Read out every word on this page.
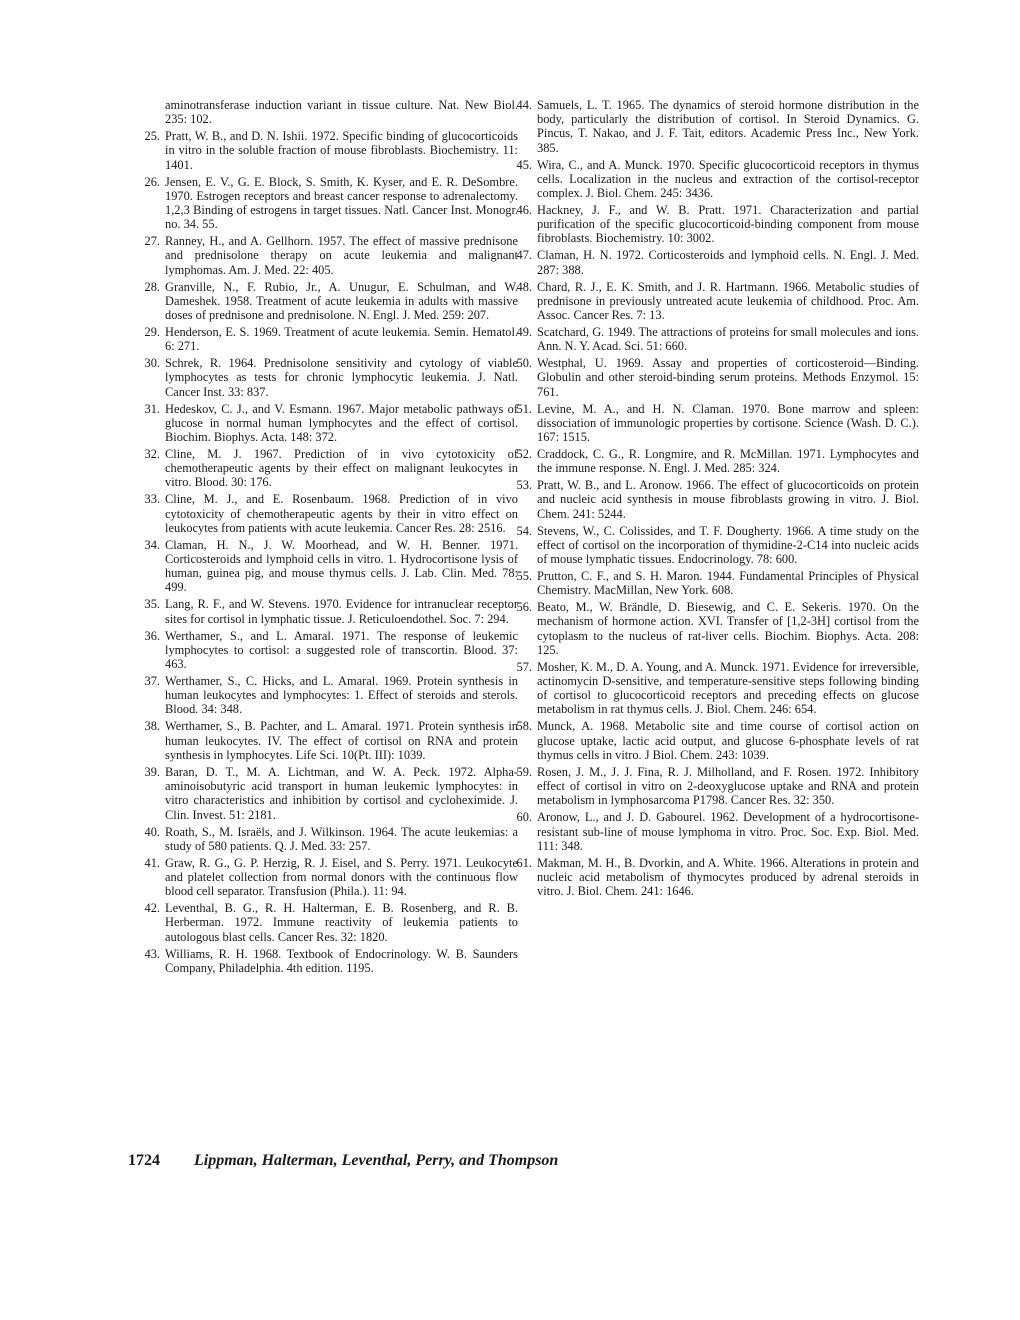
aminotransferase induction variant in tissue culture. Nat. New Biol. 235: 102.
25. Pratt, W. B., and D. N. Ishii. 1972. Specific binding of glucocorticoids in vitro in the soluble fraction of mouse fibroblasts. Biochemistry. 11: 1401.
26. Jensen, E. V., G. E. Block, S. Smith, K. Kyser, and E. R. DeSombre. 1970. Estrogen receptors and breast cancer response to adrenalectomy. 1,2,3 Binding of estrogens in target tissues. Natl. Cancer Inst. Monogr. no. 34. 55.
27. Ranney, H., and A. Gellhorn. 1957. The effect of massive prednisone and prednisolone therapy on acute leukemia and malignant lymphomas. Am. J. Med. 22: 405.
28. Granville, N., F. Rubio, Jr., A. Unugur, E. Schulman, and W. Dameshek. 1958. Treatment of acute leukemia in adults with massive doses of prednisone and prednisolone. N. Engl. J. Med. 259: 207.
29. Henderson, E. S. 1969. Treatment of acute leukemia. Semin. Hematol. 6: 271.
30. Schrek, R. 1964. Prednisolone sensitivity and cytology of viable lymphocytes as tests for chronic lymphocytic leukemia. J. Natl. Cancer Inst. 33: 837.
31. Hedeskov, C. J., and V. Esmann. 1967. Major metabolic pathways of glucose in normal human lymphocytes and the effect of cortisol. Biochim. Biophys. Acta. 148: 372.
32. Cline, M. J. 1967. Prediction of in vivo cytotoxicity of chemotherapeutic agents by their effect on malignant leukocytes in vitro. Blood. 30: 176.
33. Cline, M. J., and E. Rosenbaum. 1968. Prediction of in vivo cytotoxicity of chemotherapeutic agents by their in vitro effect on leukocytes from patients with acute leukemia. Cancer Res. 28: 2516.
34. Claman, H. N., J. W. Moorhead, and W. H. Benner. 1971. Corticosteroids and lymphoid cells in vitro. 1. Hydrocortisone lysis of human, guinea pig, and mouse thymus cells. J. Lab. Clin. Med. 78: 499.
35. Lang, R. F., and W. Stevens. 1970. Evidence for intranuclear receptor sites for cortisol in lymphatic tissue. J. Reticuloendothel. Soc. 7: 294.
36. Werthamer, S., and L. Amaral. 1971. The response of leukemic lymphocytes to cortisol: a suggested role of transcortin. Blood. 37: 463.
37. Werthamer, S., C. Hicks, and L. Amaral. 1969. Protein synthesis in human leukocytes and lymphocytes: 1. Effect of steroids and sterols. Blood. 34: 348.
38. Werthamer, S., B. Pachter, and L. Amaral. 1971. Protein synthesis in human leukocytes. IV. The effect of cortisol on RNA and protein synthesis in lymphocytes. Life Sci. 10(Pt. III): 1039.
39. Baran, D. T., M. A. Lichtman, and W. A. Peck. 1972. Alpha-aminoisobutyric acid transport in human leukemic lymphocytes: in vitro characteristics and inhibition by cortisol and cycloheximide. J. Clin. Invest. 51: 2181.
40. Roath, S., M. Israëls, and J. Wilkinson. 1964. The acute leukemias: a study of 580 patients. Q. J. Med. 33: 257.
41. Graw, R. G., G. P. Herzig, R. J. Eisel, and S. Perry. 1971. Leukocyte and platelet collection from normal donors with the continuous flow blood cell separator. Transfusion (Phila.). 11: 94.
42. Leventhal, B. G., R. H. Halterman, E. B. Rosenberg, and R. B. Herberman. 1972. Immune reactivity of leukemia patients to autologous blast cells. Cancer Res. 32: 1820.
43. Williams, R. H. 1968. Textbook of Endocrinology. W. B. Saunders Company, Philadelphia. 4th edition. 1195.
44. Samuels, L. T. 1965. The dynamics of steroid hormone distribution in the body, particularly the distribution of cortisol. In Steroid Dynamics. G. Pincus, T. Nakao, and J. F. Tait, editors. Academic Press Inc., New York. 385.
45. Wira, C., and A. Munck. 1970. Specific glucocorticoid receptors in thymus cells. Localization in the nucleus and extraction of the cortisol-receptor complex. J. Biol. Chem. 245: 3436.
46. Hackney, J. F., and W. B. Pratt. 1971. Characterization and partial purification of the specific glucocorticoid-binding component from mouse fibroblasts. Biochemistry. 10: 3002.
47. Claman, H. N. 1972. Corticosteroids and lymphoid cells. N. Engl. J. Med. 287: 388.
48. Chard, R. J., E. K. Smith, and J. R. Hartmann. 1966. Metabolic studies of prednisone in previously untreated acute leukemia of childhood. Proc. Am. Assoc. Cancer Res. 7: 13.
49. Scatchard, G. 1949. The attractions of proteins for small molecules and ions. Ann. N. Y. Acad. Sci. 51: 660.
50. Westphal, U. 1969. Assay and properties of corticosteroid—Binding. Globulin and other steroid-binding serum proteins. Methods Enzymol. 15: 761.
51. Levine, M. A., and H. N. Claman. 1970. Bone marrow and spleen: dissociation of immunologic properties by cortisone. Science (Wash. D. C.). 167: 1515.
52. Craddock, C. G., R. Longmire, and R. McMillan. 1971. Lymphocytes and the immune response. N. Engl. J. Med. 285: 324.
53. Pratt, W. B., and L. Aronow. 1966. The effect of glucocorticoids on protein and nucleic acid synthesis in mouse fibroblasts growing in vitro. J. Biol. Chem. 241: 5244.
54. Stevens, W., C. Colissides, and T. F. Dougherty. 1966. A time study on the effect of cortisol on the incorporation of thymidine-2-C14 into nucleic acids of mouse lymphatic tissues. Endocrinology. 78: 600.
55. Prutton, C. F., and S. H. Maron. 1944. Fundamental Principles of Physical Chemistry. MacMillan, New York. 608.
56. Beato, M., W. Brändle, D. Biesewig, and C. E. Sekeris. 1970. On the mechanism of hormone action. XVI. Transfer of [1,2-3H] cortisol from the cytoplasm to the nucleus of rat-liver cells. Biochim. Biophys. Acta. 208: 125.
57. Mosher, K. M., D. A. Young, and A. Munck. 1971. Evidence for irreversible, actinomycin D-sensitive, and temperature-sensitive steps following binding of cortisol to glucocorticoid receptors and preceding effects on glucose metabolism in rat thymus cells. J. Biol. Chem. 246: 654.
58. Munck, A. 1968. Metabolic site and time course of cortisol action on glucose uptake, lactic acid output, and glucose 6-phosphate levels of rat thymus cells in vitro. J Biol. Chem. 243: 1039.
59. Rosen, J. M., J. J. Fina, R. J. Milholland, and F. Rosen. 1972. Inhibitory effect of cortisol in vitro on 2-deoxyglucose uptake and RNA and protein metabolism in lymphosarcoma P1798. Cancer Res. 32: 350.
60. Aronow, L., and J. D. Gabourel. 1962. Development of a hydrocortisone-resistant sub-line of mouse lymphoma in vitro. Proc. Soc. Exp. Biol. Med. 111: 348.
61. Makman, M. H., B. Dvorkin, and A. White. 1966. Alterations in protein and nucleic acid metabolism of thymocytes produced by adrenal steroids in vitro. J. Biol. Chem. 241: 1646.
1724 Lippman, Halterman, Leventhal, Perry, and Thompson
